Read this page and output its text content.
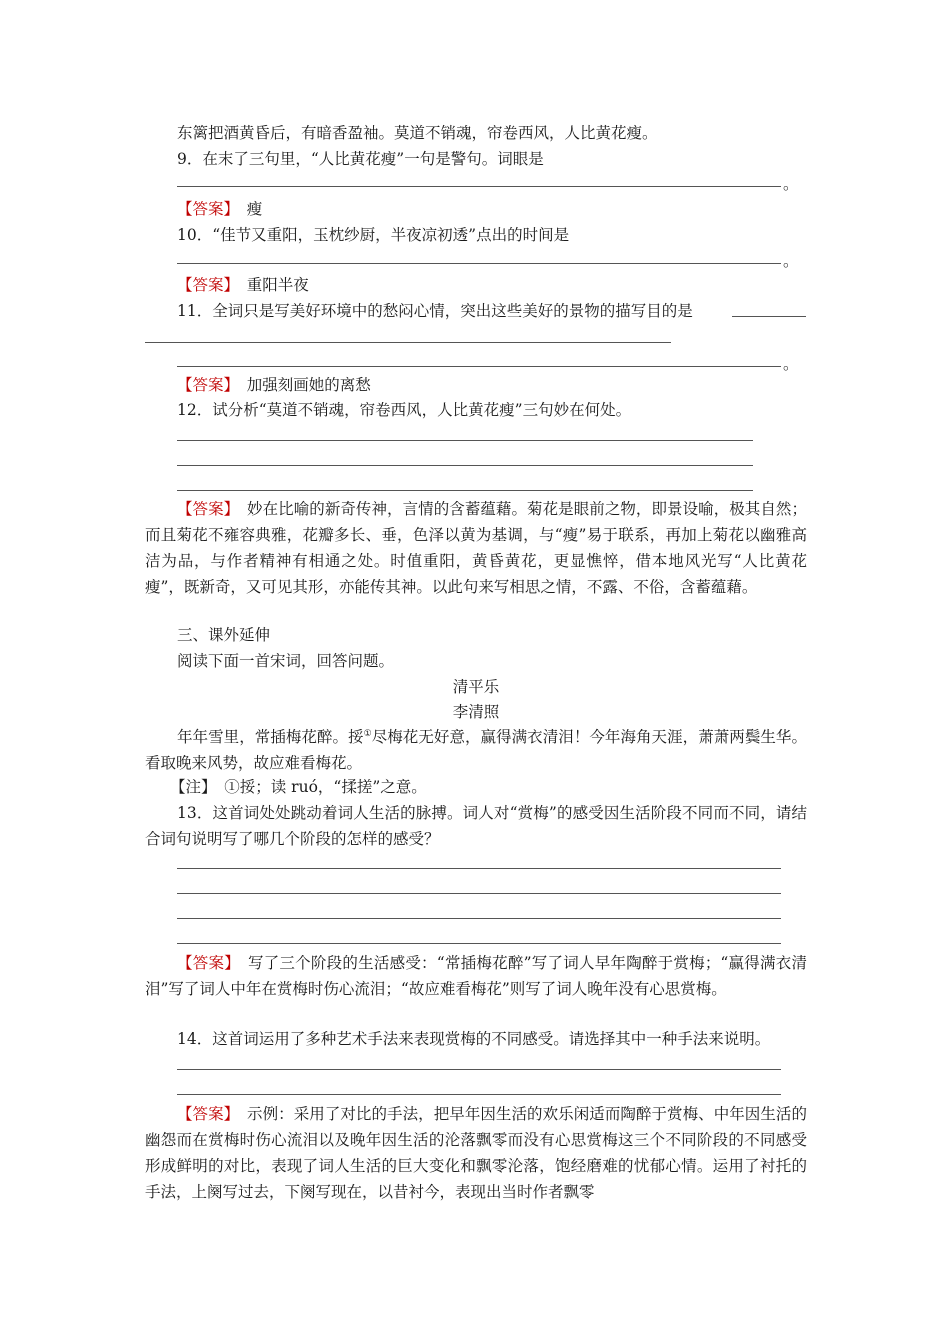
东篱把酒黄昏后，有暗香盈袖。莫道不销魂，帘卷西风，人比黄花瘦。
9．在末了三句里，“人比黄花瘦”一句是警句。词眼是
。
【答案】　 瘦
10．“佳节又重阳，玉枕纱厨，半夜凉初透”点出的时间是
。
【答案】　 重阳半夜
11．全词只是写美好环境中的愁闷心情，突出这些美好的景物的描写目的是
。
【答案】　 加强刻画她的离愁
12．试分析“莫道不销魂，帘卷西风，人比黄花瘦”三句妙在何处。
【答案】　 妙在比喻的新奇传神，言情的含蓄蕴藉。菊花是眼前之物，即景设喻，极其自然；而且菊花不雍容典雅，花瓣多长、垂，色泽以黄为基调，与“瘦”易于联系，再加上菊花以幽雅高洁为品，与作者精神有相通之处。时值重阳，黄昏黄花，更显憔悴，借本地风光写“人比黄花瘦”，既新奇，又可见其形，亦能传其神。以此句来写相思之情，不露、不俗，含蓄蕴藉。
三、课外延伸
阅读下面一首宋词，回答问题。
清平乐
李清照
年年雪里，常插梅花醉。挼①尽梅花无好意，赢得满衣清泪！今年海角天涯，萧萧两鬓生华。看取晚来风势，故应难看梅花。
【注】　①挼；读 ruó，“揉搓”之意。
13．这首词处处跳动着词人生活的脉搏。词人对“赏梅”的感受因生活阶段不同而不同，请结合词句说明写了哪几个阶段的怎样的感受？
【答案】　 写了三个阶段的生活感受：“常插梅花醉”写了词人早年陶醉于赏梅；“赢得满衣清泪”写了词人中年在赏梅时伤心流泪；“故应难看梅花”则写了词人晚年没有心思赏梅。
14．这首词运用了多种艺术手法来表现赏梅的不同感受。请选择其中一种手法来说明。
【答案】　 示例：采用了对比的手法，把早年因生活的欢乐闲适而陶醉于赏梅、中年因生活的幽怨而在赏梅时伤心流泪以及晚年因生活的沦落飘零而没有心思赏梅这三个不同阶段的不同感受形成鲜明的对比，表现了词人生活的巨大变化和飘零沦落，饱经磨难的忧郁心情。运用了衬托的手法，上阕写过去，下阕写现在，以昔衬今，表现出当时作者飘零
